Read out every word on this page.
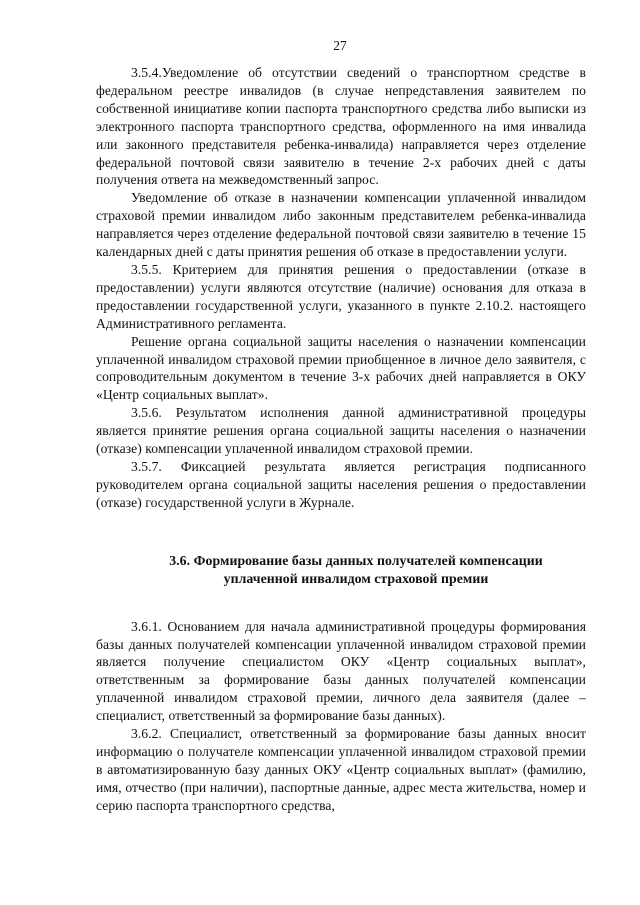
27

3.5.4.Уведомление об отсутствии сведений о транспортном средстве в федеральном реестре инвалидов (в случае непредставления заявителем по собственной инициативе копии паспорта транспортного средства либо выписки из электронного паспорта транспортного средства, оформленного на имя инвалида или законного представителя ребенка-инвалида) направляется через отделение федеральной почтовой связи заявителю в течение 2-х рабочих дней с даты получения ответа на межведомственный запрос.

Уведомление об отказе в назначении компенсации уплаченной инвалидом страховой премии инвалидом либо законным представителем ребенка-инвалида направляется через отделение федеральной почтовой связи заявителю в течение 15 календарных дней с даты принятия решения об отказе в предоставлении услуги.

3.5.5. Критерием для принятия решения о предоставлении (отказе в предоставлении) услуги являются отсутствие (наличие) основания для отказа в предоставлении государственной услуги, указанного в пункте 2.10.2. настоящего Административного регламента.

Решение органа социальной защиты населения о назначении компенсации уплаченной инвалидом страховой премии приобщенное в личное дело заявителя, с сопроводительным документом в течение 3-х рабочих дней направляется в ОКУ «Центр социальных выплат».

3.5.6. Результатом исполнения данной административной процедуры является принятие решения органа социальной защиты населения о назначении (отказе) компенсации уплаченной инвалидом страховой премии.

3.5.7. Фиксацией результата является регистрация подписанного руководителем органа социальной защиты населения решения о предоставлении (отказе) государственной услуги в Журнале.

3.6. Формирование базы данных получателей компенсации
уплаченной инвалидом страховой премии

3.6.1. Основанием для начала административной процедуры формирования базы данных получателей компенсации уплаченной инвалидом страховой премии является получение специалистом ОКУ «Центр социальных выплат», ответственным за формирование базы данных получателей компенсации уплаченной инвалидом страховой премии, личного дела заявителя (далее – специалист, ответственный за формирование базы данных).

3.6.2. Специалист, ответственный за формирование базы данных вносит информацию о получателе компенсации уплаченной инвалидом страховой премии в автоматизированную базу данных ОКУ «Центр социальных выплат» (фамилию, имя, отчество (при наличии), паспортные данные, адрес места жительства, номер и серию паспорта транспортного средства,
